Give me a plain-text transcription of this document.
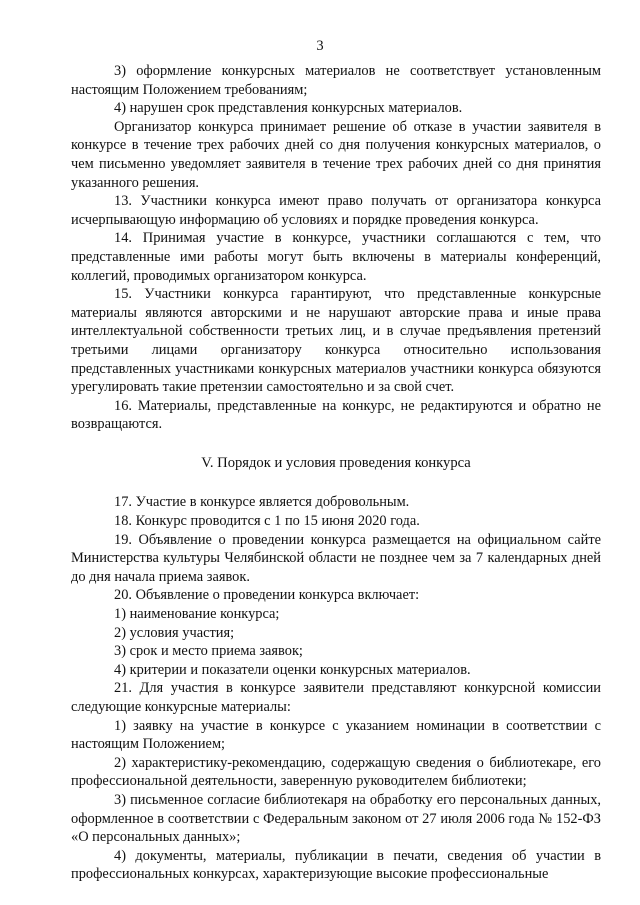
3

3) оформление конкурсных материалов не соответствует установленным настоящим Положением требованиям;

4) нарушен срок представления конкурсных материалов.

Организатор конкурса принимает решение об отказе в участии заявителя в конкурсе в течение трех рабочих дней со дня получения конкурсных материалов, о чем письменно уведомляет заявителя в течение трех рабочих дней со дня принятия указанного решения.

13. Участники конкурса имеют право получать от организатора конкурса исчерпывающую информацию об условиях и порядке проведения конкурса.

14. Принимая участие в конкурсе, участники соглашаются с тем, что представленные ими работы могут быть включены в материалы конференций, коллегий, проводимых организатором конкурса.

15. Участники конкурса гарантируют, что представленные конкурсные материалы являются авторскими и не нарушают авторские права и иные права интеллектуальной собственности третьих лиц, и в случае предъявления претензий третьими лицами организатору конкурса относительно использования представленных участниками конкурсных материалов участники конкурса обязуются урегулировать такие претензии самостоятельно и за свой счет.

16. Материалы, представленные на конкурс, не редактируются и обратно не возвращаются.

V. Порядок и условия проведения конкурса

17. Участие в конкурсе является добровольным.

18. Конкурс проводится с 1 по 15 июня 2020 года.

19. Объявление о проведении конкурса размещается на официальном сайте Министерства культуры Челябинской области не позднее чем за 7 календарных дней до дня начала приема заявок.

20. Объявление о проведении конкурса включает:

1) наименование конкурса;

2) условия участия;

3) срок и место приема заявок;

4) критерии и показатели оценки конкурсных материалов.

21. Для участия в конкурсе заявители представляют конкурсной комиссии следующие конкурсные материалы:

1) заявку на участие в конкурсе с указанием номинации в соответствии с настоящим Положением;

2) характеристику-рекомендацию, содержащую сведения о библиотекаре, его профессиональной деятельности, заверенную руководителем библиотеки;

3) письменное согласие библиотекаря на обработку его персональных данных, оформленное в соответствии с Федеральным законом от 27 июля 2006 года № 152-ФЗ «О персональных данных»;

4) документы, материалы, публикации в печати, сведения об участии в профессиональных конкурсах, характеризующие высокие профессиональные
